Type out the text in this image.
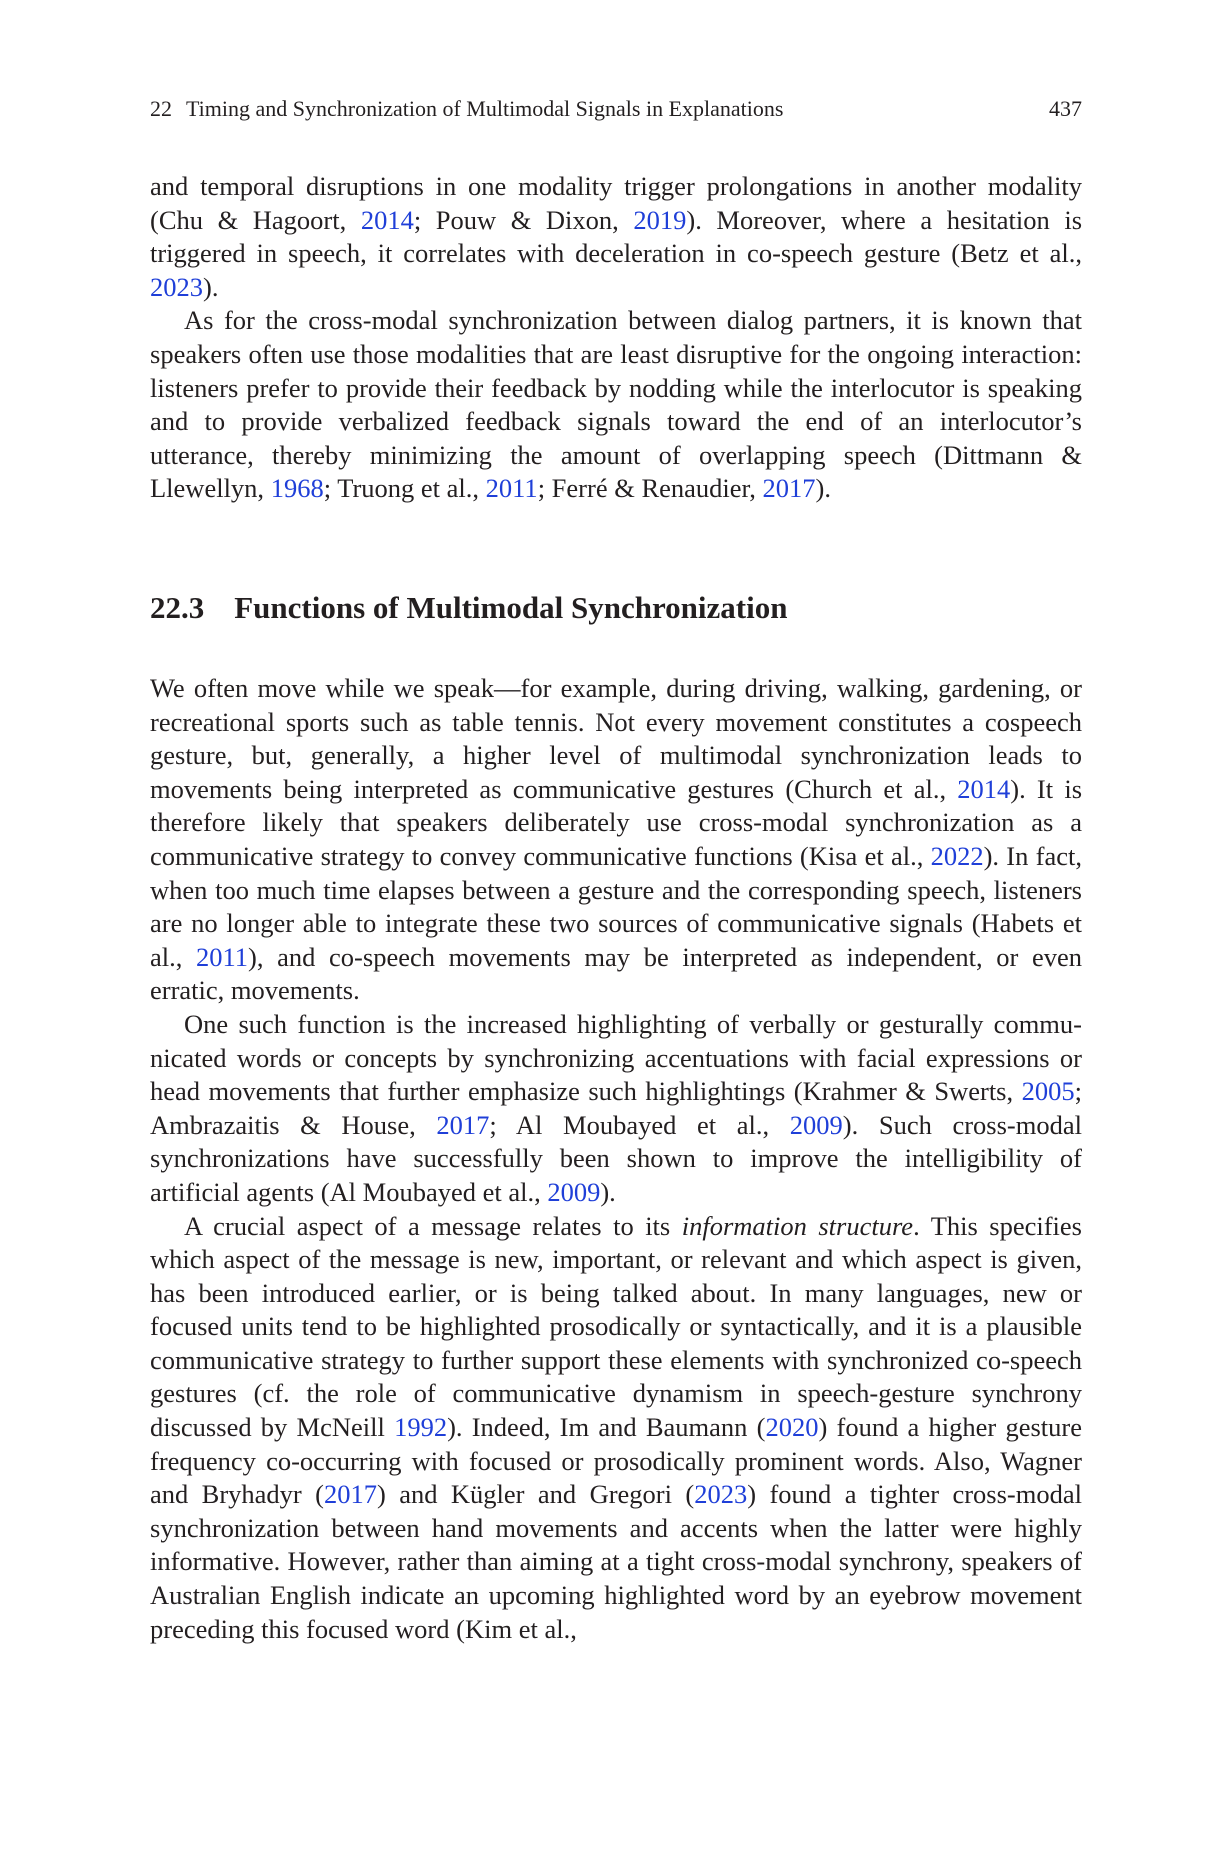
22 Timing and Synchronization of Multimodal Signals in Explanations	437

and temporal disruptions in one modality trigger prolongations in another modality (Chu & Hagoort, 2014; Pouw & Dixon, 2019). Moreover, where a hesitation is triggered in speech, it correlates with deceleration in co-speech gesture (Betz et al., 2023).

As for the cross-modal synchronization between dialog partners, it is known that speakers often use those modalities that are least disruptive for the ongoing interaction: listeners prefer to provide their feedback by nodding while the interlocutor is speaking and to provide verbalized feedback signals toward the end of an interlocutor’s utterance, thereby minimizing the amount of overlapping speech (Dittmann & Llewellyn, 1968; Truong et al., 2011; Ferré & Renaudier, 2017).

22.3 Functions of Multimodal Synchronization

We often move while we speak—for example, during driving, walking, gardening, or recreational sports such as table tennis. Not every movement constitutes a cospeech gesture, but, generally, a higher level of multimodal synchronization leads to movements being interpreted as communicative gestures (Church et al., 2014). It is therefore likely that speakers deliberately use cross-modal synchronization as a communicative strategy to convey communicative functions (Kisa et al., 2022). In fact, when too much time elapses between a gesture and the corresponding speech, listeners are no longer able to integrate these two sources of communicative signals (Habets et al., 2011), and co-speech movements may be interpreted as independent, or even erratic, movements.

One such function is the increased highlighting of verbally or gesturally communicated words or concepts by synchronizing accentuations with facial expressions or head movements that further emphasize such highlightings (Krahmer & Swerts, 2005; Ambrazaitis & House, 2017; Al Moubayed et al., 2009). Such cross-modal synchronizations have successfully been shown to improve the intelligibility of artificial agents (Al Moubayed et al., 2009).

A crucial aspect of a message relates to its information structure. This specifies which aspect of the message is new, important, or relevant and which aspect is given, has been introduced earlier, or is being talked about. In many languages, new or focused units tend to be highlighted prosodically or syntactically, and it is a plausible communicative strategy to further support these elements with synchronized co-speech gestures (cf. the role of communicative dynamism in speech-gesture synchrony discussed by McNeill 1992). Indeed, Im and Baumann (2020) found a higher gesture frequency co-occurring with focused or prosodically prominent words. Also, Wagner and Bryhadyr (2017) and Kügler and Gregori (2023) found a tighter cross-modal synchronization between hand movements and accents when the latter were highly informative. However, rather than aiming at a tight cross-modal synchrony, speakers of Australian English indicate an upcoming highlighted word by an eyebrow movement preceding this focused word (Kim et al.,
